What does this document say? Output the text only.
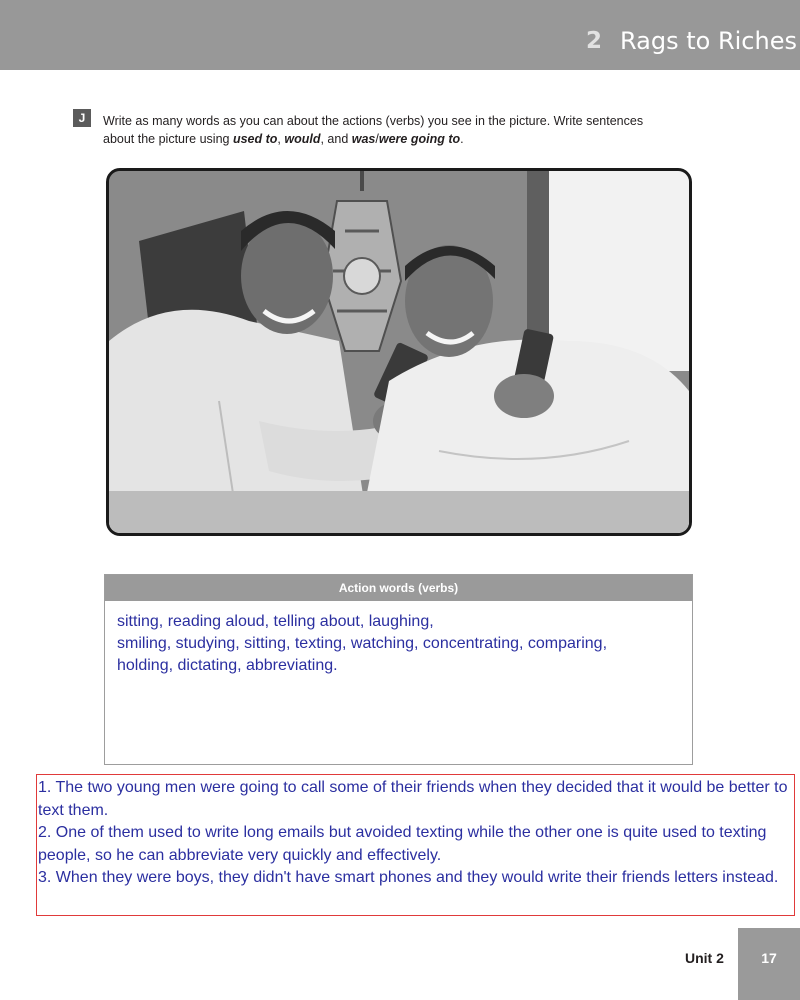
2 Rags to Riches
J	Write as many words as you can about the actions (verbs) you see in the picture. Write sentences
about the picture using used to, would, and was/were going to.
Action words (verbs)
sitting, reading aloud, telling about, laughing,
smiling, studying, sitting, texting, watching, concentrating, comparing,
holding, dictating, abbreviating.
1. The two young men were going to call some of their friends when they decided that it would be better to text them.
2. One of them used to write long emails but avoided texting while the other one is quite used to texting people, so he can abbreviate very quickly and effectively.
3. When they were boys, they didn't have smart phones and they would write their friends letters instead.
Unit 2	17
